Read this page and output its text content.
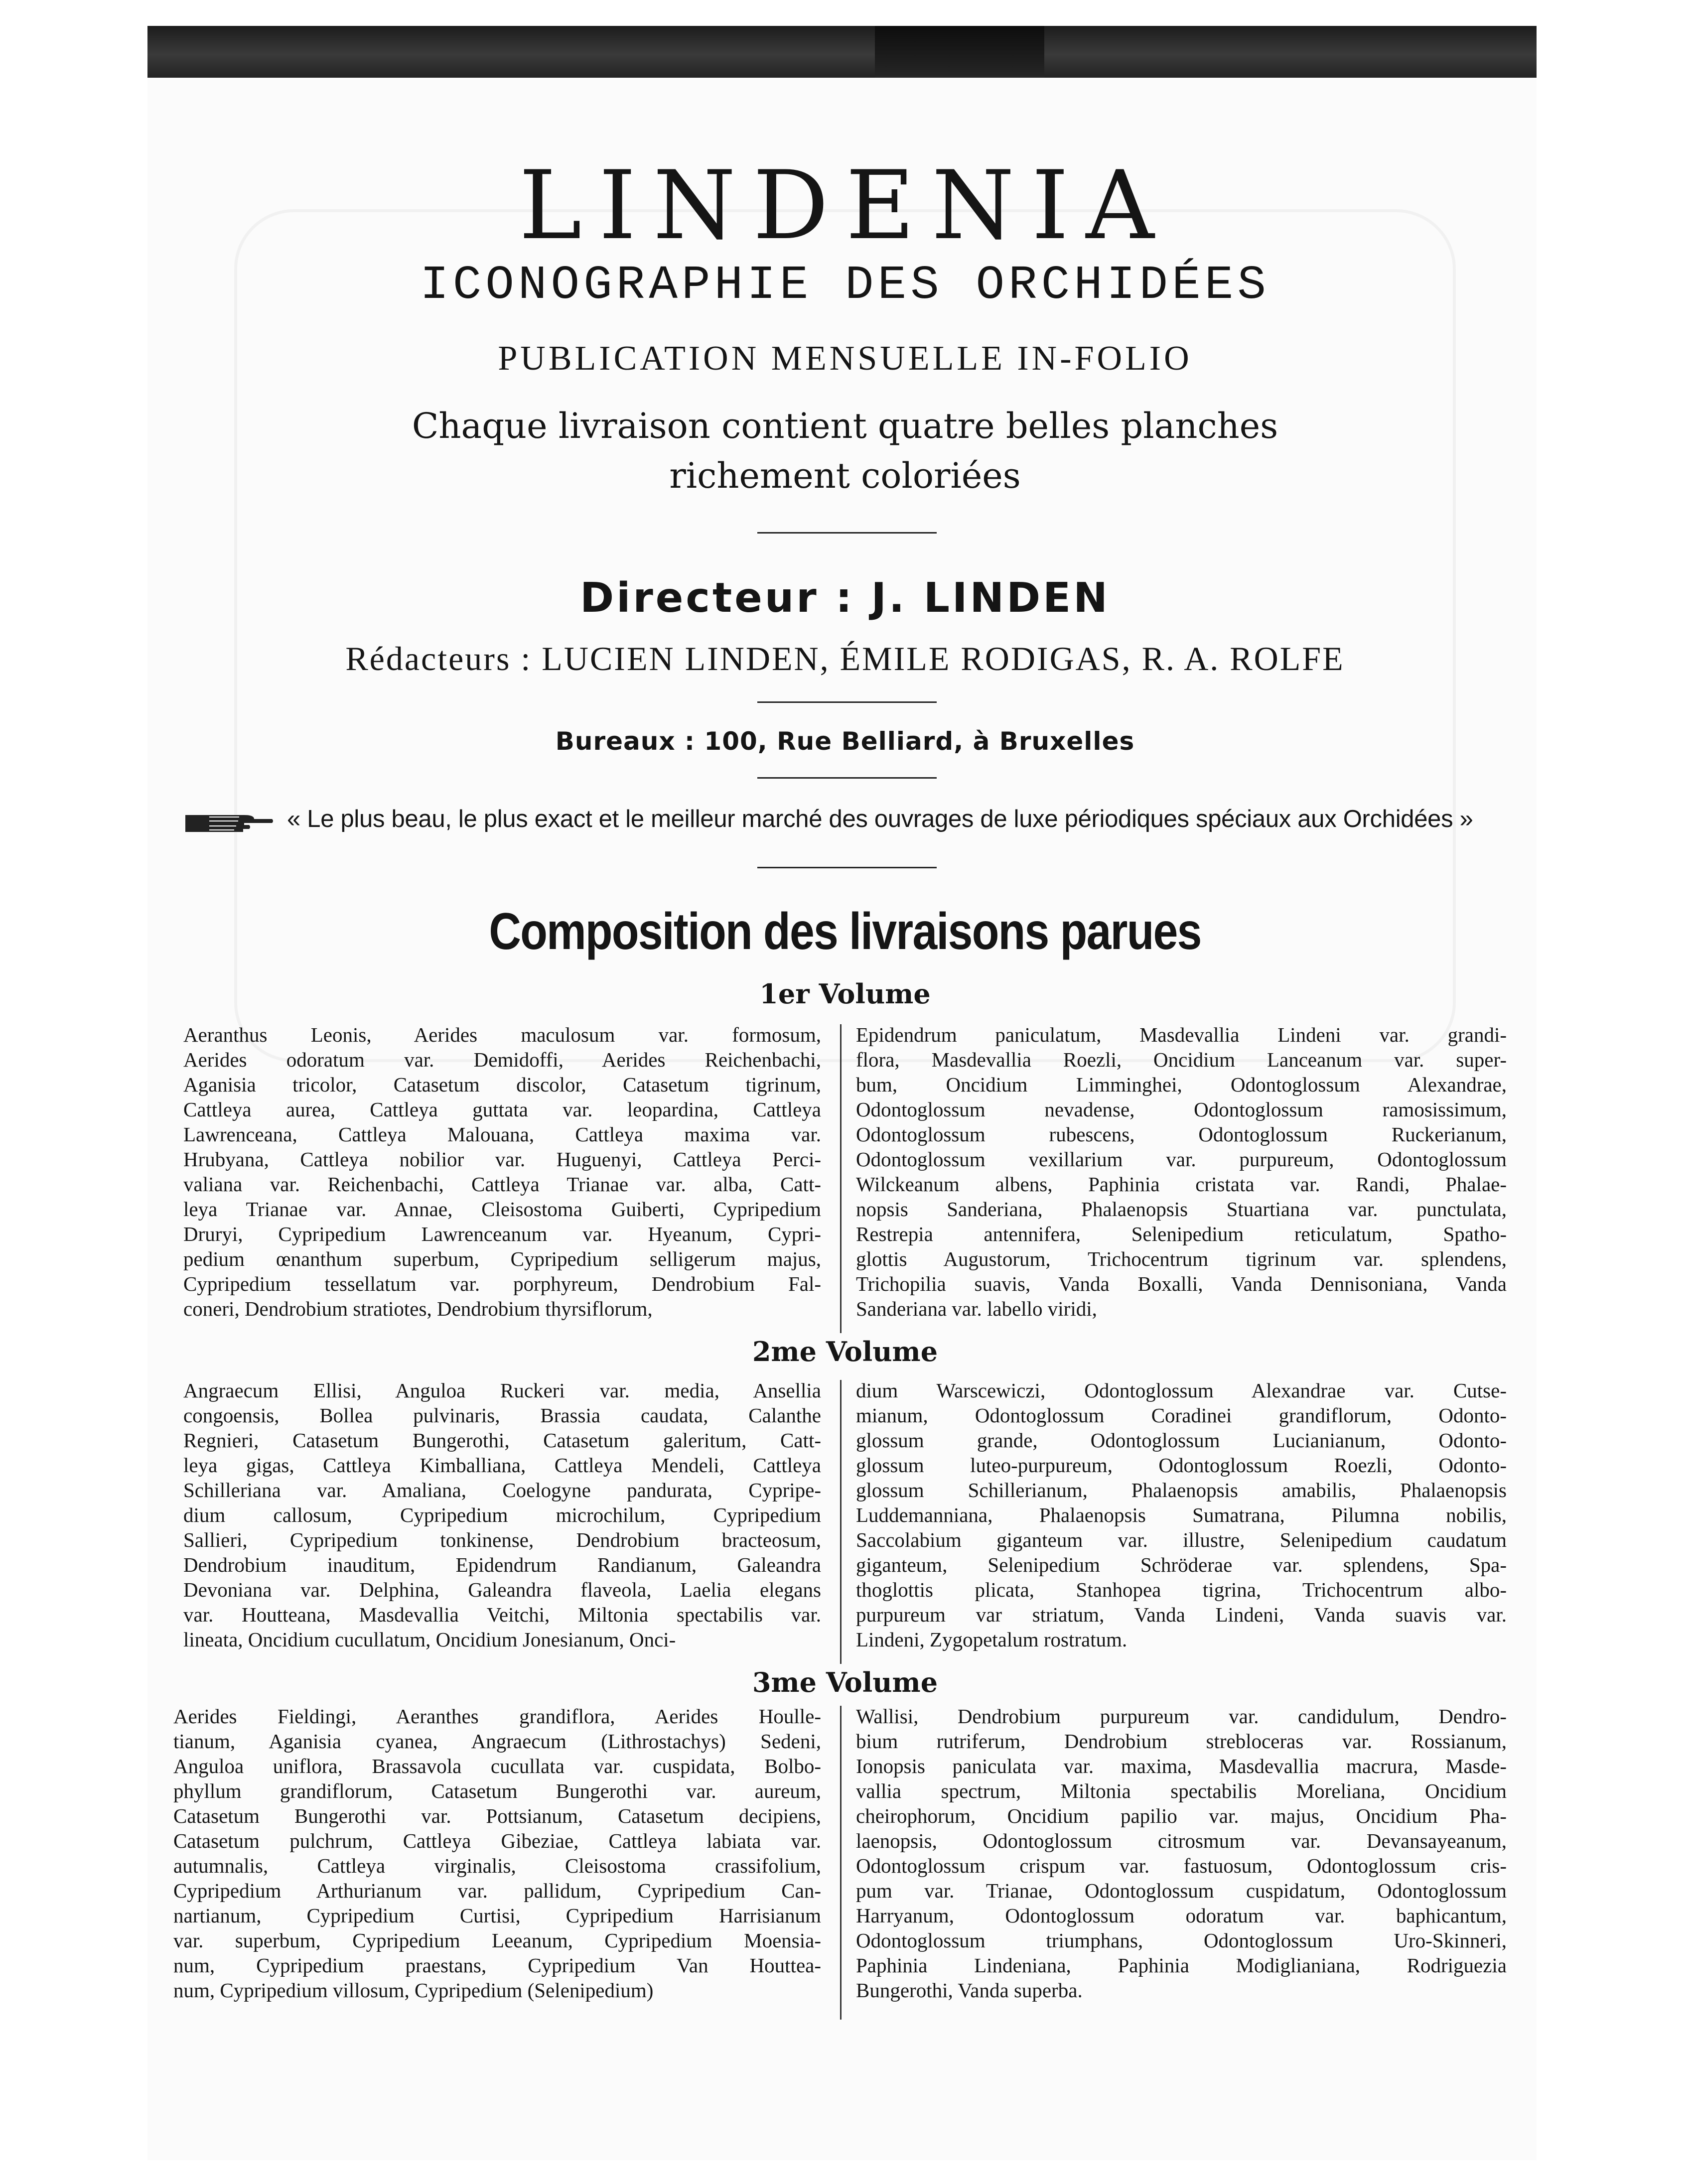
LINDENIA
ICONOGRAPHIE DES ORCHIDÉES
PUBLICATION MENSUELLE IN-FOLIO
Chaque livraison contient quatre belles planches
richement coloriées
Directeur : J. LINDEN
Rédacteurs : LUCIEN LINDEN, ÉMILE RODIGAS, R. A. ROLFE
Bureaux : 100, Rue Belliard, à Bruxelles
« Le plus beau, le plus exact et le meilleur marché des ouvrages de luxe périodiques spéciaux aux Orchidées »
Composition des livraisons parues
1er Volume
Aeranthus Leonis, Aerides maculosum var. formosum,
Aerides odoratum var. Demidoffi, Aerides Reichenbachi,
Aganisia tricolor, Catasetum discolor, Catasetum tigrinum,
Cattleya aurea, Cattleya guttata var. leopardina, Cattleya
Lawrenceana, Cattleya Malouana, Cattleya maxima var.
Hrubyana, Cattleya nobilior var. Huguenyi, Cattleya Perci-
valiana var. Reichenbachi, Cattleya Trianae var. alba, Catt-
leya Trianae var. Annae, Cleisostoma Guiberti, Cypripedium
Druryi, Cypripedium Lawrenceanum var. Hyeanum, Cypri-
pedium œnanthum superbum, Cypripedium selligerum majus,
Cypripedium tessellatum var. porphyreum, Dendrobium Fal-
coneri, Dendrobium stratiotes, Dendrobium thyrsiflorum,
Epidendrum paniculatum, Masdevallia Lindeni var. grandi-
flora, Masdevallia Roezli, Oncidium Lanceanum var. super-
bum, Oncidium Limminghei, Odontoglossum Alexandrae,
Odontoglossum nevadense, Odontoglossum ramosissimum,
Odontoglossum rubescens, Odontoglossum Ruckerianum,
Odontoglossum vexillarium var. purpureum, Odontoglossum
Wilckeanum albens, Paphinia cristata var. Randi, Phalae-
nopsis Sanderiana, Phalaenopsis Stuartiana var. punctulata,
Restrepia antennifera, Selenipedium reticulatum, Spatho-
glottis Augustorum, Trichocentrum tigrinum var. splendens,
Trichopilia suavis, Vanda Boxalli, Vanda Dennisoniana, Vanda
Sanderiana var. labello viridi,
2me Volume
Angraecum Ellisi, Anguloa Ruckeri var. media, Ansellia
congoensis, Bollea pulvinaris, Brassia caudata, Calanthe
Regnieri, Catasetum Bungerothi, Catasetum galeritum, Catt-
leya gigas, Cattleya Kimballiana, Cattleya Mendeli, Cattleya
Schilleriana var. Amaliana, Coelogyne pandurata, Cypripe-
dium callosum, Cypripedium microchilum, Cypripedium
Sallieri, Cypripedium tonkinense, Dendrobium bracteosum,
Dendrobium inauditum, Epidendrum Randianum, Galeandra
Devoniana var. Delphina, Galeandra flaveola, Laelia elegans
var. Houtteana, Masdevallia Veitchi, Miltonia spectabilis var.
lineata, Oncidium cucullatum, Oncidium Jonesianum, Onci-
dium Warscewiczi, Odontoglossum Alexandrae var. Cutse-
mianum, Odontoglossum Coradinei grandiflorum, Odonto-
glossum grande, Odontoglossum Lucianianum, Odonto-
glossum luteo-purpureum, Odontoglossum Roezli, Odonto-
glossum Schillerianum, Phalaenopsis amabilis, Phalaenopsis
Luddemanniana, Phalaenopsis Sumatrana, Pilumna nobilis,
Saccolabium giganteum var. illustre, Selenipedium caudatum
giganteum, Selenipedium Schröderae var. splendens, Spa-
thoglottis plicata, Stanhopea tigrina, Trichocentrum albo-
purpureum var striatum, Vanda Lindeni, Vanda suavis var.
Lindeni, Zygopetalum rostratum.
3me Volume
Aerides Fieldingi, Aeranthes grandiflora, Aerides Houlle-
tianum, Aganisia cyanea, Angraecum (Lithrostachys) Sedeni,
Anguloa uniflora, Brassavola cucullata var. cuspidata, Bolbo-
phyllum grandiflorum, Catasetum Bungerothi var. aureum,
Catasetum Bungerothi var. Pottsianum, Catasetum decipiens,
Catasetum pulchrum, Cattleya Gibeziae, Cattleya labiata var.
autumnalis, Cattleya virginalis, Cleisostoma crassifolium,
Cypripedium Arthurianum var. pallidum, Cypripedium Can-
nartianum, Cypripedium Curtisi, Cypripedium Harrisianum
var. superbum, Cypripedium Leeanum, Cypripedium Moensia-
num, Cypripedium praestans, Cypripedium Van Houttea-
num, Cypripedium villosum, Cypripedium (Selenipedium)
Wallisi, Dendrobium purpureum var. candidulum, Dendro-
bium rutriferum, Dendrobium strebloceras var. Rossianum,
Ionopsis paniculata var. maxima, Masdevallia macrura, Masde-
vallia spectrum, Miltonia spectabilis Moreliana, Oncidium
cheirophorum, Oncidium papilio var. majus, Oncidium Pha-
laenopsis, Odontoglossum citrosmum var. Devansayeanum,
Odontoglossum crispum var. fastuosum, Odontoglossum cris-
pum var. Trianae, Odontoglossum cuspidatum, Odontoglossum
Harryanum, Odontoglossum odoratum var. baphicantum,
Odontoglossum triumphans, Odontoglossum Uro-Skinneri,
Paphinia Lindeniana, Paphinia Modiglianiana, Rodriguezia
Bungerothi, Vanda superba.
